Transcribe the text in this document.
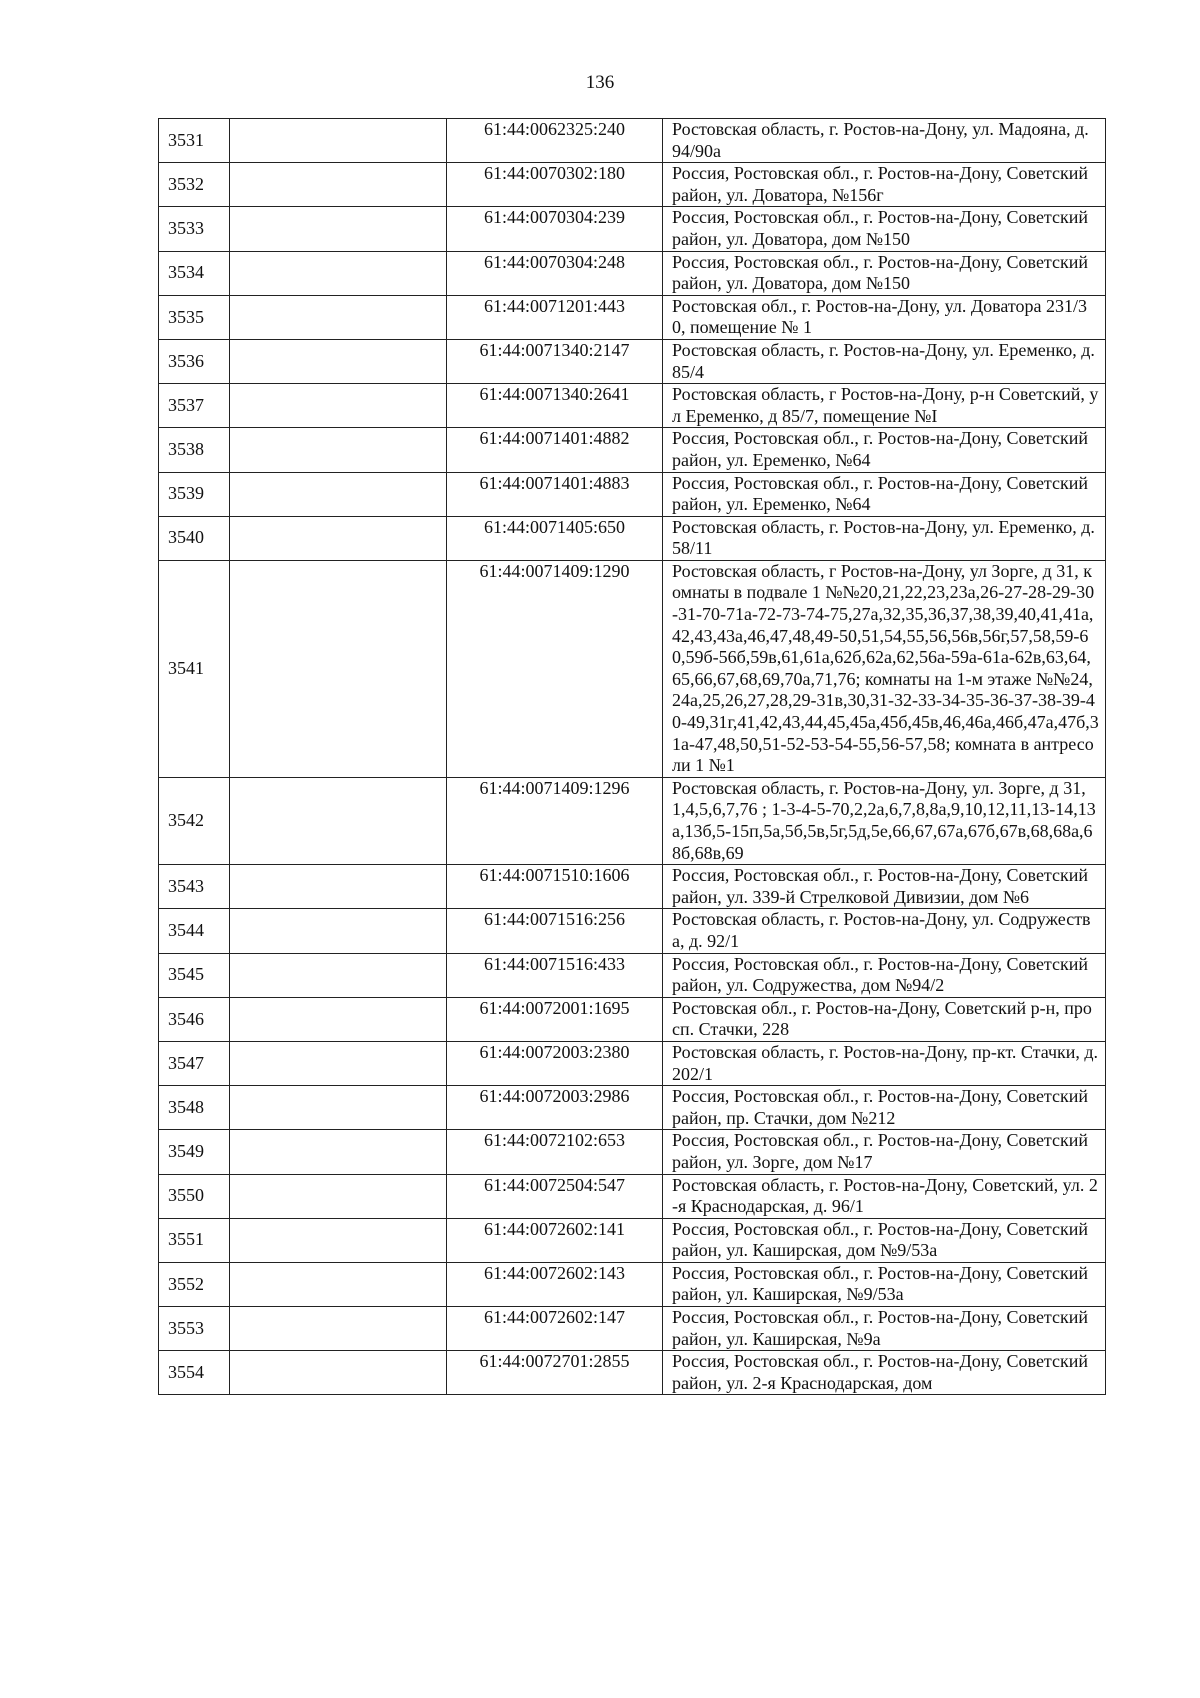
136
3531		61:44:0062325:240	Ростовская область, г. Ростов-на-Дону, ул. Мадояна, д. 94/90а
3532		61:44:0070302:180	Россия, Ростовская обл., г. Ростов-на-Дону, Советский район, ул. Доватора, №156г
3533		61:44:0070304:239	Россия, Ростовская обл., г. Ростов-на-Дону, Советский район, ул. Доватора, дом №150
3534		61:44:0070304:248	Россия, Ростовская обл., г. Ростов-на-Дону, Советский район, ул. Доватора, дом №150
3535		61:44:0071201:443	Ростовская обл., г. Ростов-на-Дону, ул. Доватора 231/30, помещение № 1
3536		61:44:0071340:2147	Ростовская область, г. Ростов-на-Дону, ул. Еременко, д. 85/4
3537		61:44:0071340:2641	Ростовская область, г Ростов-на-Дону, р-н Советский, ул Еременко, д 85/7, помещение №I
3538		61:44:0071401:4882	Россия, Ростовская обл., г. Ростов-на-Дону, Советский район, ул. Еременко, №64
3539		61:44:0071401:4883	Россия, Ростовская обл., г. Ростов-на-Дону, Советский район, ул. Еременко, №64
3540		61:44:0071405:650	Ростовская область, г. Ростов-на-Дону, ул. Еременко, д. 58/11
3541		61:44:0071409:1290	Ростовская область, г Ростов-на-Дону, ул Зорге, д 31, комнаты в подвале 1 №№20,21,22,23,23а,26-27-28-29-30-31-70-71а-72-73-74-75,27а,32,35,36,37,38,39,40,41,41а,42,43,43а,46,47,48,49-50,51,54,55,56,56в,56г,57,58,59-60,59б-56б,59в,61,61а,62б,62а,62,56а-59а-61а-62в,63,64,65,66,67,68,69,70а,71,76; комнаты на 1-м этаже №№24,24а,25,26,27,28,29-31в,30,31-32-33-34-35-36-37-38-39-40-49,31г,41,42,43,44,45,45а,45б,45в,46,46а,46б,47а,47б,31а-47,48,50,51-52-53-54-55,56-57,58; комната в антресоли 1 №1
3542		61:44:0071409:1296	Ростовская область, г. Ростов-на-Дону, ул. Зорге, д 31, 1,4,5,6,7,76 ; 1-3-4-5-70,2,2а,6,7,8,8а,9,10,12,11,13-14,13а,13б,5-15п,5а,5б,5в,5г,5д,5е,66,67,67а,67б,67в,68,68а,68б,68в,69
3543		61:44:0071510:1606	Россия, Ростовская обл., г. Ростов-на-Дону, Советский район, ул. 339-й Стрелковой Дивизии, дом №6
3544		61:44:0071516:256	Ростовская область, г. Ростов-на-Дону, ул. Содружества, д. 92/1
3545		61:44:0071516:433	Россия, Ростовская обл., г. Ростов-на-Дону, Советский район, ул. Содружества, дом №94/2
3546		61:44:0072001:1695	Ростовская обл., г. Ростов-на-Дону, Советский р-н, просп. Стачки, 228
3547		61:44:0072003:2380	Ростовская область, г. Ростов-на-Дону, пр-кт. Стачки, д. 202/1
3548		61:44:0072003:2986	Россия, Ростовская обл., г. Ростов-на-Дону, Советский район, пр. Стачки, дом №212
3549		61:44:0072102:653	Россия, Ростовская обл., г. Ростов-на-Дону, Советский район, ул. Зорге, дом №17
3550		61:44:0072504:547	Ростовская область, г. Ростов-на-Дону, Советский, ул. 2-я Краснодарская, д. 96/1
3551		61:44:0072602:141	Россия, Ростовская обл., г. Ростов-на-Дону, Советский район, ул. Каширская, дом №9/53а
3552		61:44:0072602:143	Россия, Ростовская обл., г. Ростов-на-Дону, Советский район, ул. Каширская, №9/53а
3553		61:44:0072602:147	Россия, Ростовская обл., г. Ростов-на-Дону, Советский район, ул. Каширская, №9а
3554		61:44:0072701:2855	Россия, Ростовская обл., г. Ростов-на-Дону, Советский район, ул. 2-я Краснодарская, дом
